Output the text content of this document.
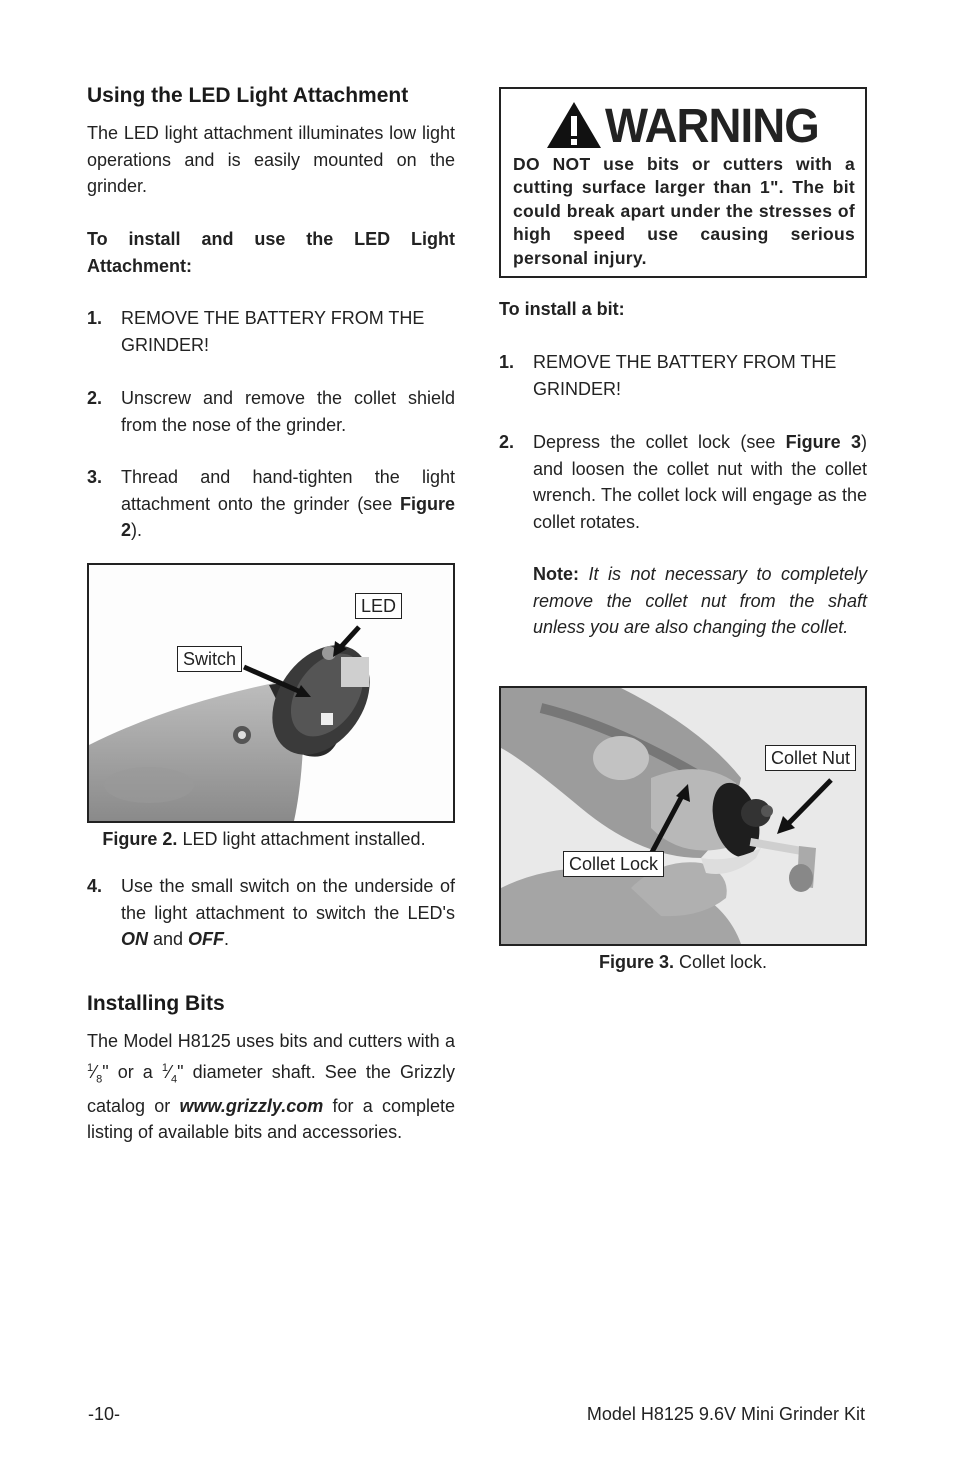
Using the LED Light Attachment

The LED light attachment illuminates low light operations and is easily mounted on the grinder.

To install and use the LED Light Attachment:

1. REMOVE THE BATTERY FROM THE GRINDER!
2. Unscrew and remove the collet shield from the nose of the grinder.
3. Thread and hand-tighten the light attachment onto the grinder (see Figure 2).
LED
Switch
Figure 2. LED light attachment installed.
4. Use the small switch on the underside of the light attachment to switch the LED's ON and OFF.
Installing Bits

The Model H8125 uses bits and cutters with a $^1⁄_8$" or a $^1⁄_4$" diameter shaft. See the Grizzly catalog or www.grizzly.com for a complete listing of available bits and accessories.

WARNING
DO NOT use bits or cutters with a cutting surface larger than 1". The bit could break apart under the stresses of high speed use causing serious personal injury.

To install a bit:

1. REMOVE THE BATTERY FROM THE GRINDER!
2. Depress the collet lock (see Figure 3) and loosen the collet nut with the collet wrench. The collet lock will engage as the collet rotates.

Note: It is not necessary to completely remove the collet nut from the shaft unless you are also changing the collet.

Collet Nut
Collet Lock
Figure 3. Collet lock.
-10-	Model H8125 9.6V Mini Grinder Kit
